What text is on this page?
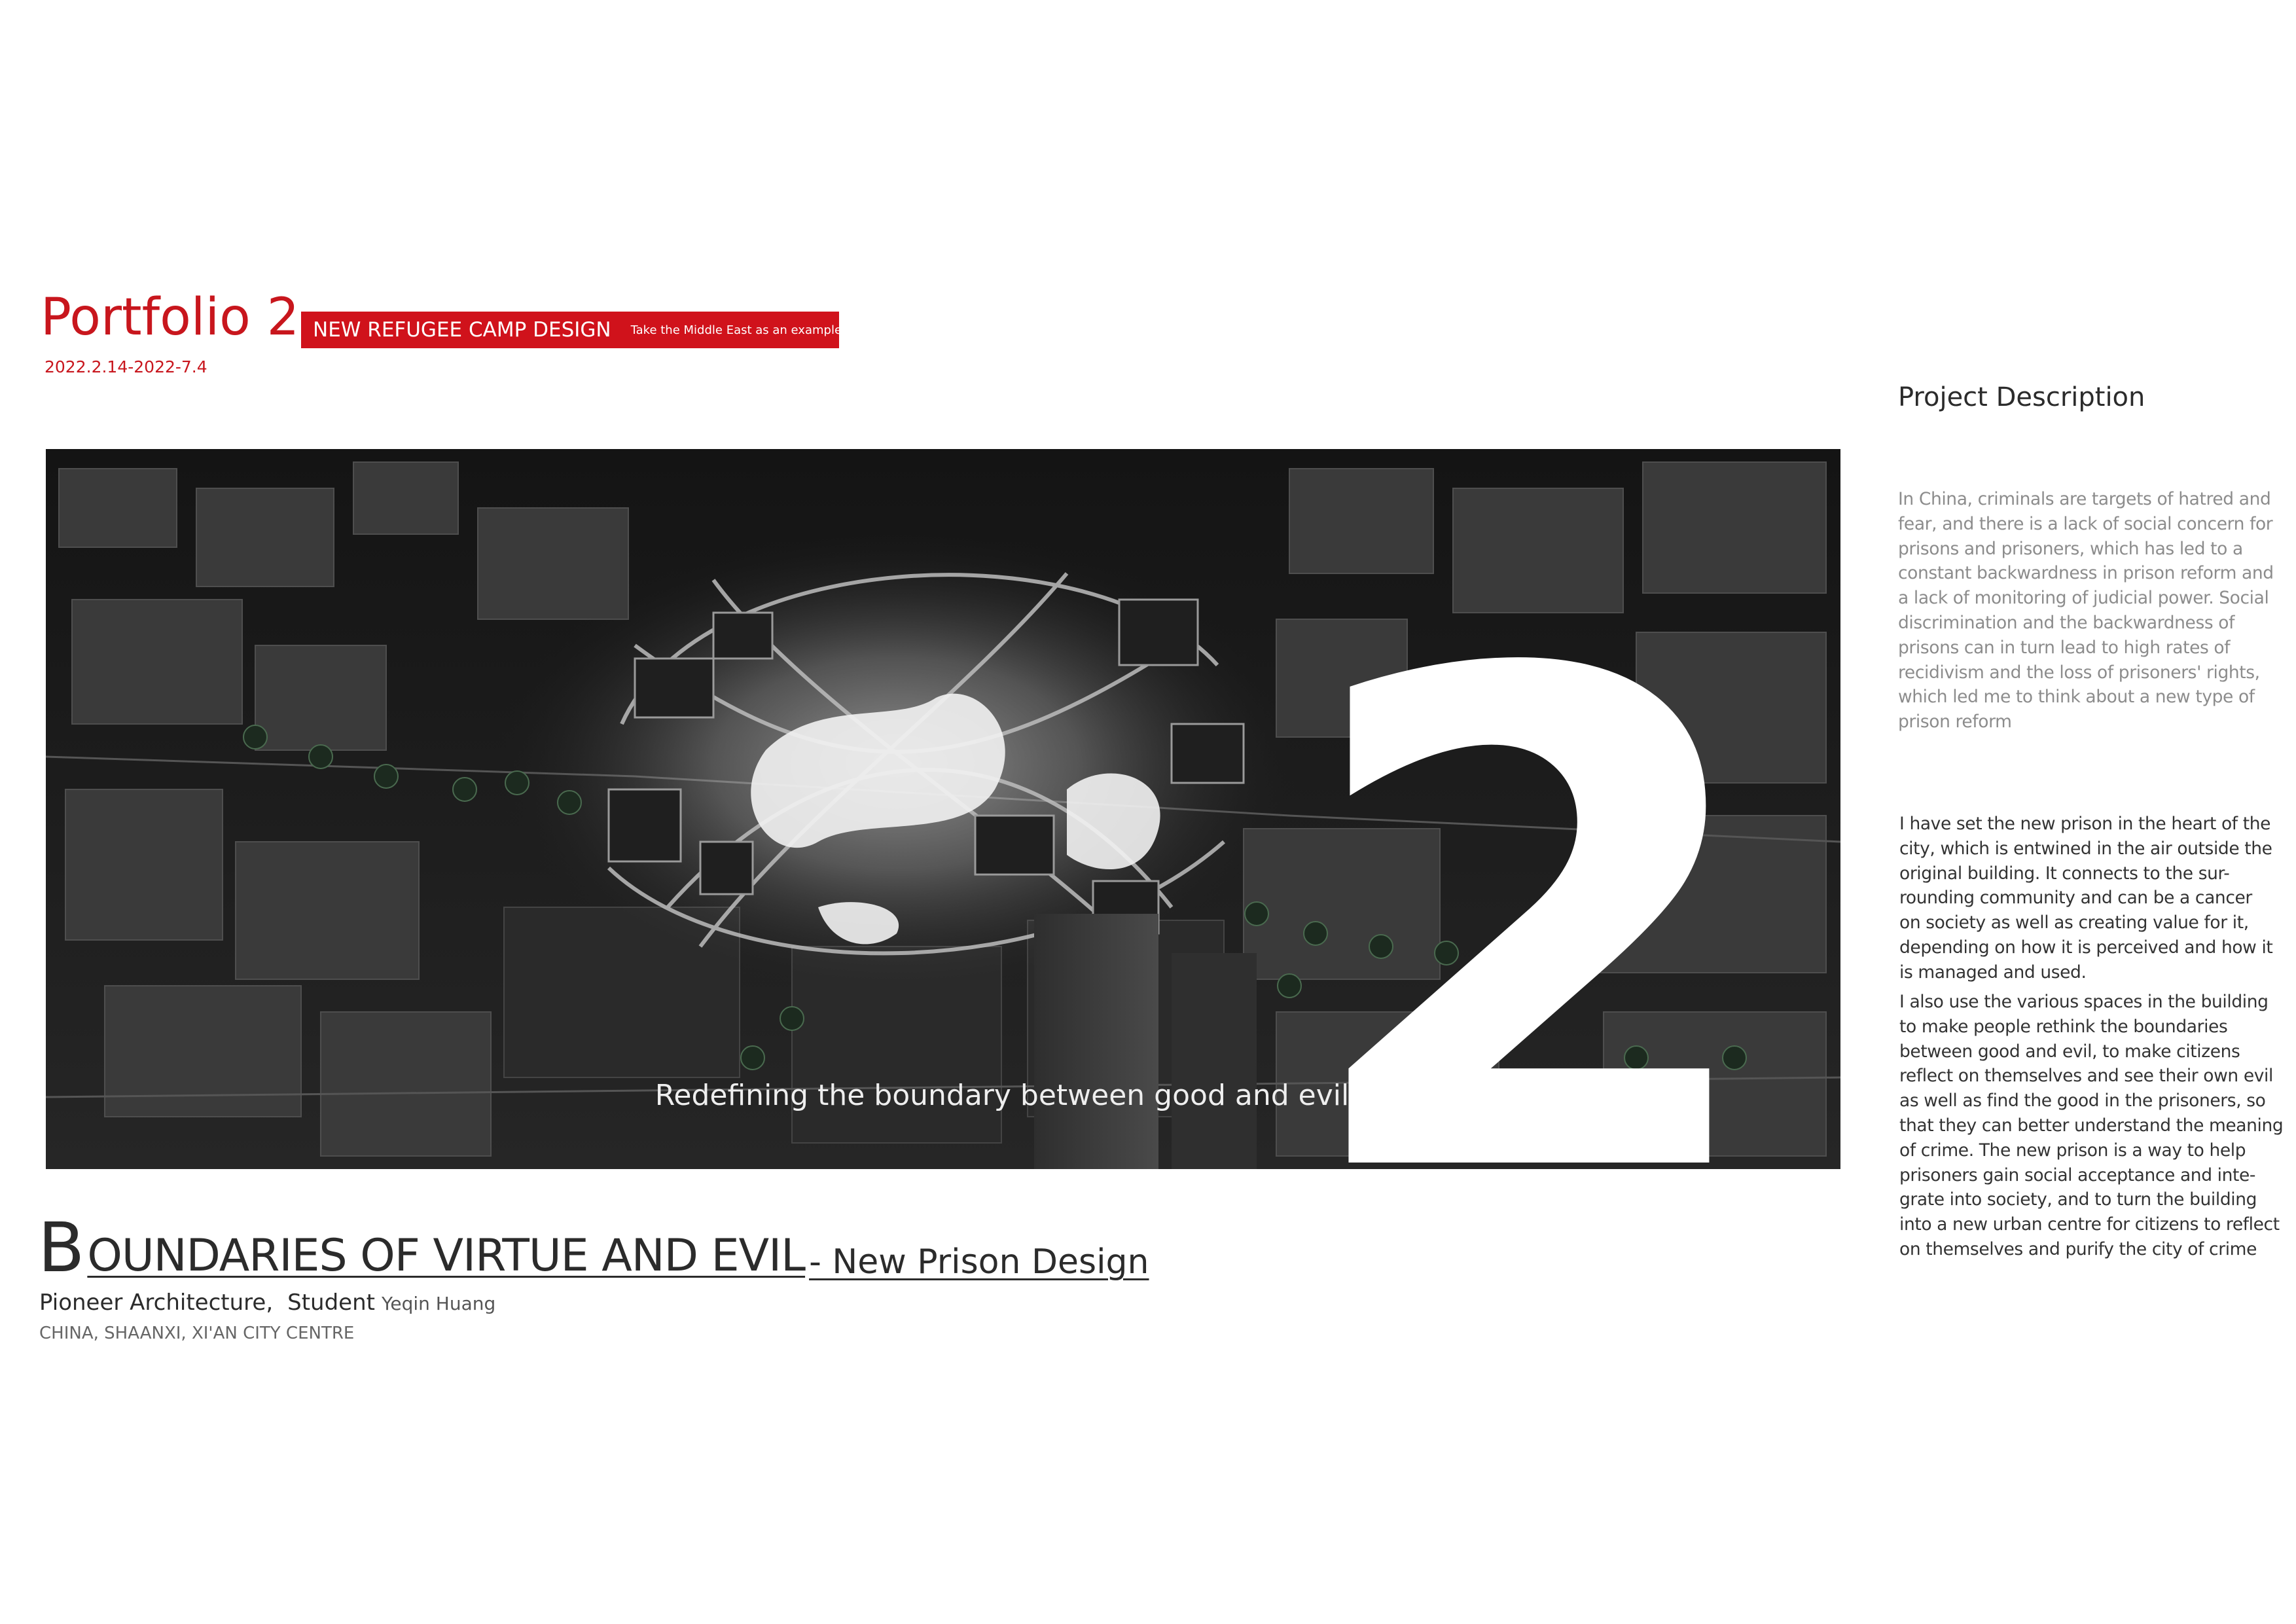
Portfolio 2
2022.2.14-2022-7.4
NEW REFUGEE CAMP DESIGN Take the Middle East as an example
2
Redefining the boundary between good and evil
BOUNDARIES OF VIRTUE AND EVIL - New Prison Design
Pioneer Architecture, Student Yeqin Huang
CHINA, SHAANXI, XI'AN CITY CENTRE
Project Description
In China, criminals are targets of hatred and
fear, and there is a lack of social concern for
prisons and prisoners, which has led to a
constant backwardness in prison reform and
a lack of monitoring of judicial power. Social
discrimination and the backwardness of
prisons can in turn lead to high rates of
recidivism and the loss of prisoners' rights,
which led me to think about a new type of
prison reform
I have set the new prison in the heart of the
city, which is entwined in the air outside the
original building. It connects to the sur-
rounding community and can be a cancer
on society as well as creating value for it,
depending on how it is perceived and how it
is managed and used.
I also use the various spaces in the building
to make people rethink the boundaries
between good and evil, to make citizens
reflect on themselves and see their own evil
as well as find the good in the prisoners, so
that they can better understand the meaning
of crime. The new prison is a way to help
prisoners gain social acceptance and inte-
grate into society, and to turn the building
into a new urban centre for citizens to reflect
on themselves and purify the city of crime
